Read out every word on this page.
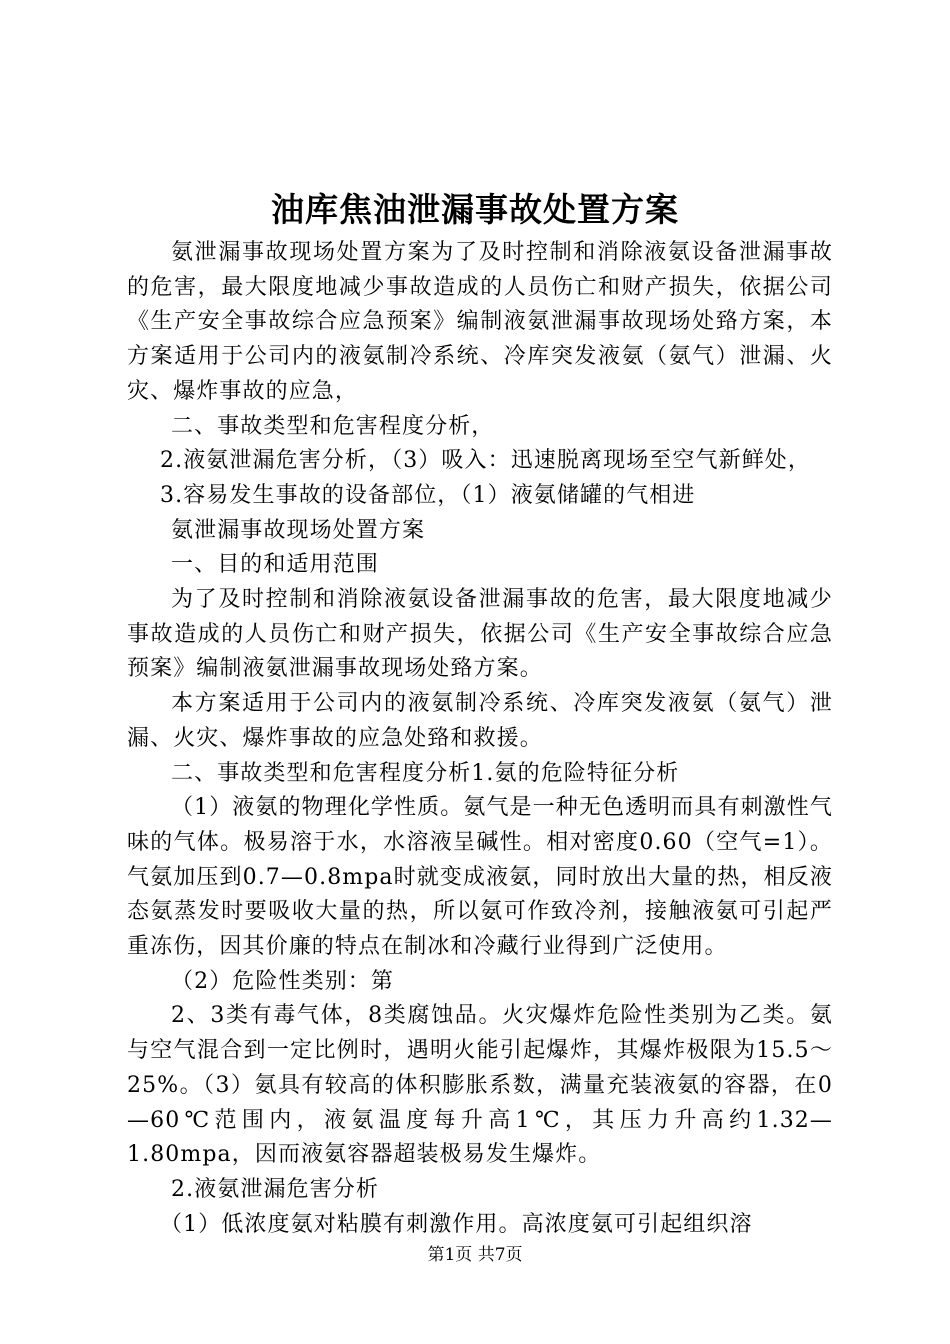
油库焦油泄漏事故处置方案

氨泄漏事故现场处置方案为了及时控制和消除液氨设备泄漏事故的危害，最大限度地减少事故造成的人员伤亡和财产损失，依据公司《生产安全事故综合应急预案》编制液氨泄漏事故现场处臵方案，本方案适用于公司内的液氨制冷系统、冷库突发液氨（氨气）泄漏、火灾、爆炸事故的应急，

二、事故类型和危害程度分析，

2.液氨泄漏危害分析，（3）吸入：迅速脱离现场至空气新鲜处，

3.容易发生事故的设备部位，（1）液氨储罐的气相进

氨泄漏事故现场处置方案

一、目的和适用范围

为了及时控制和消除液氨设备泄漏事故的危害，最大限度地减少事故造成的人员伤亡和财产损失，依据公司《生产安全事故综合应急预案》编制液氨泄漏事故现场处臵方案。

本方案适用于公司内的液氨制冷系统、冷库突发液氨（氨气）泄漏、火灾、爆炸事故的应急处臵和救援。

二、事故类型和危害程度分析1.氨的危险特征分析

（1）液氨的物理化学性质。氨气是一种无色透明而具有刺激性气味的气体。极易溶于水，水溶液呈碱性。相对密度0.60（空气=1）。气氨加压到0.7—0.8mpa时就变成液氨，同时放出大量的热，相反液态氨蒸发时要吸收大量的热，所以氨可作致冷剂，接触液氨可引起严重冻伤，因其价廉的特点在制冰和冷藏行业得到广泛使用。

（2）危险性类别：第

2、3类有毒气体，8类腐蚀品。火灾爆炸危险性类别为乙类。氨与空气混合到一定比例时，遇明火能引起爆炸，其爆炸极限为15.5～25%。（3）氨具有较高的体积膨胀系数，满量充装液氨的容器，在0—60℃范围内，液氨温度每升高1℃，其压力升高约1.32—1.80mpa，因而液氨容器超装极易发生爆炸。

2.液氨泄漏危害分析

（1）低浓度氨对粘膜有刺激作用。高浓度氨可引起组织溶

第1页 共7页
